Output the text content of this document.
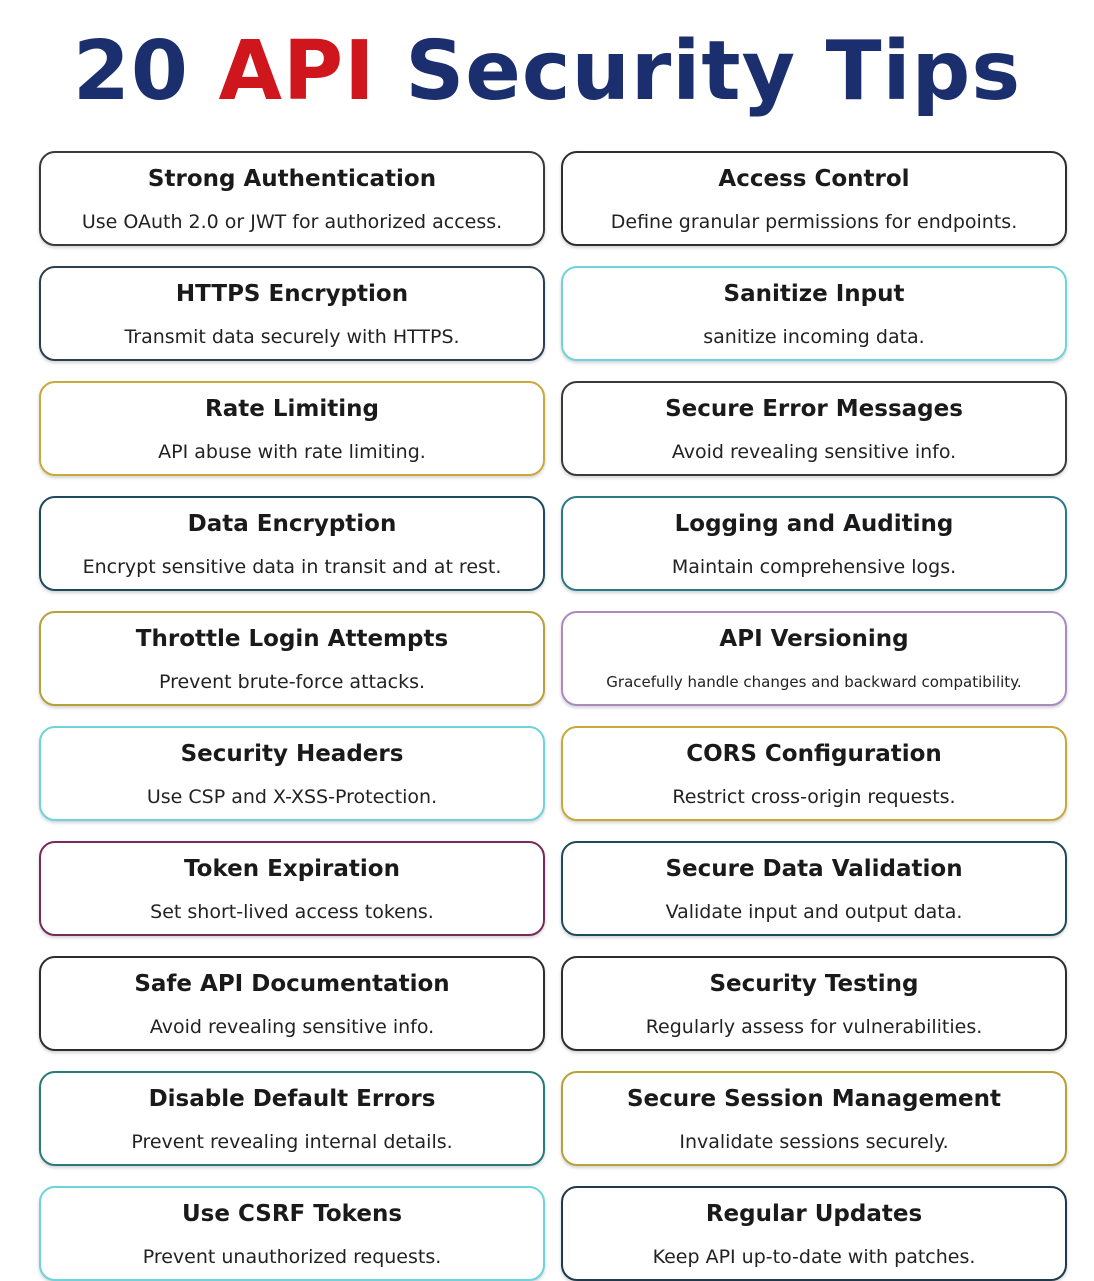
20 API Security Tips
Strong Authentication
Use OAuth 2.0 or JWT for authorized access.
Access Control
Define granular permissions for endpoints.
HTTPS Encryption
Transmit data securely with HTTPS.
Sanitize Input
sanitize incoming data.
Rate Limiting
API abuse with rate limiting.
Secure Error Messages
Avoid revealing sensitive info.
Data Encryption
Encrypt sensitive data in transit and at rest.
Logging and Auditing
Maintain comprehensive logs.
Throttle Login Attempts
Prevent brute-force attacks.
API Versioning
Gracefully handle changes and backward compatibility.
Security Headers
Use CSP and X-XSS-Protection.
CORS Configuration
Restrict cross-origin requests.
Token Expiration
Set short-lived access tokens.
Secure Data Validation
Validate input and output data.
Safe API Documentation
Avoid revealing sensitive info.
Security Testing
Regularly assess for vulnerabilities.
Disable Default Errors
Prevent revealing internal details.
Secure Session Management
Invalidate sessions securely.
Use CSRF Tokens
Prevent unauthorized requests.
Regular Updates
Keep API up-to-date with patches.
